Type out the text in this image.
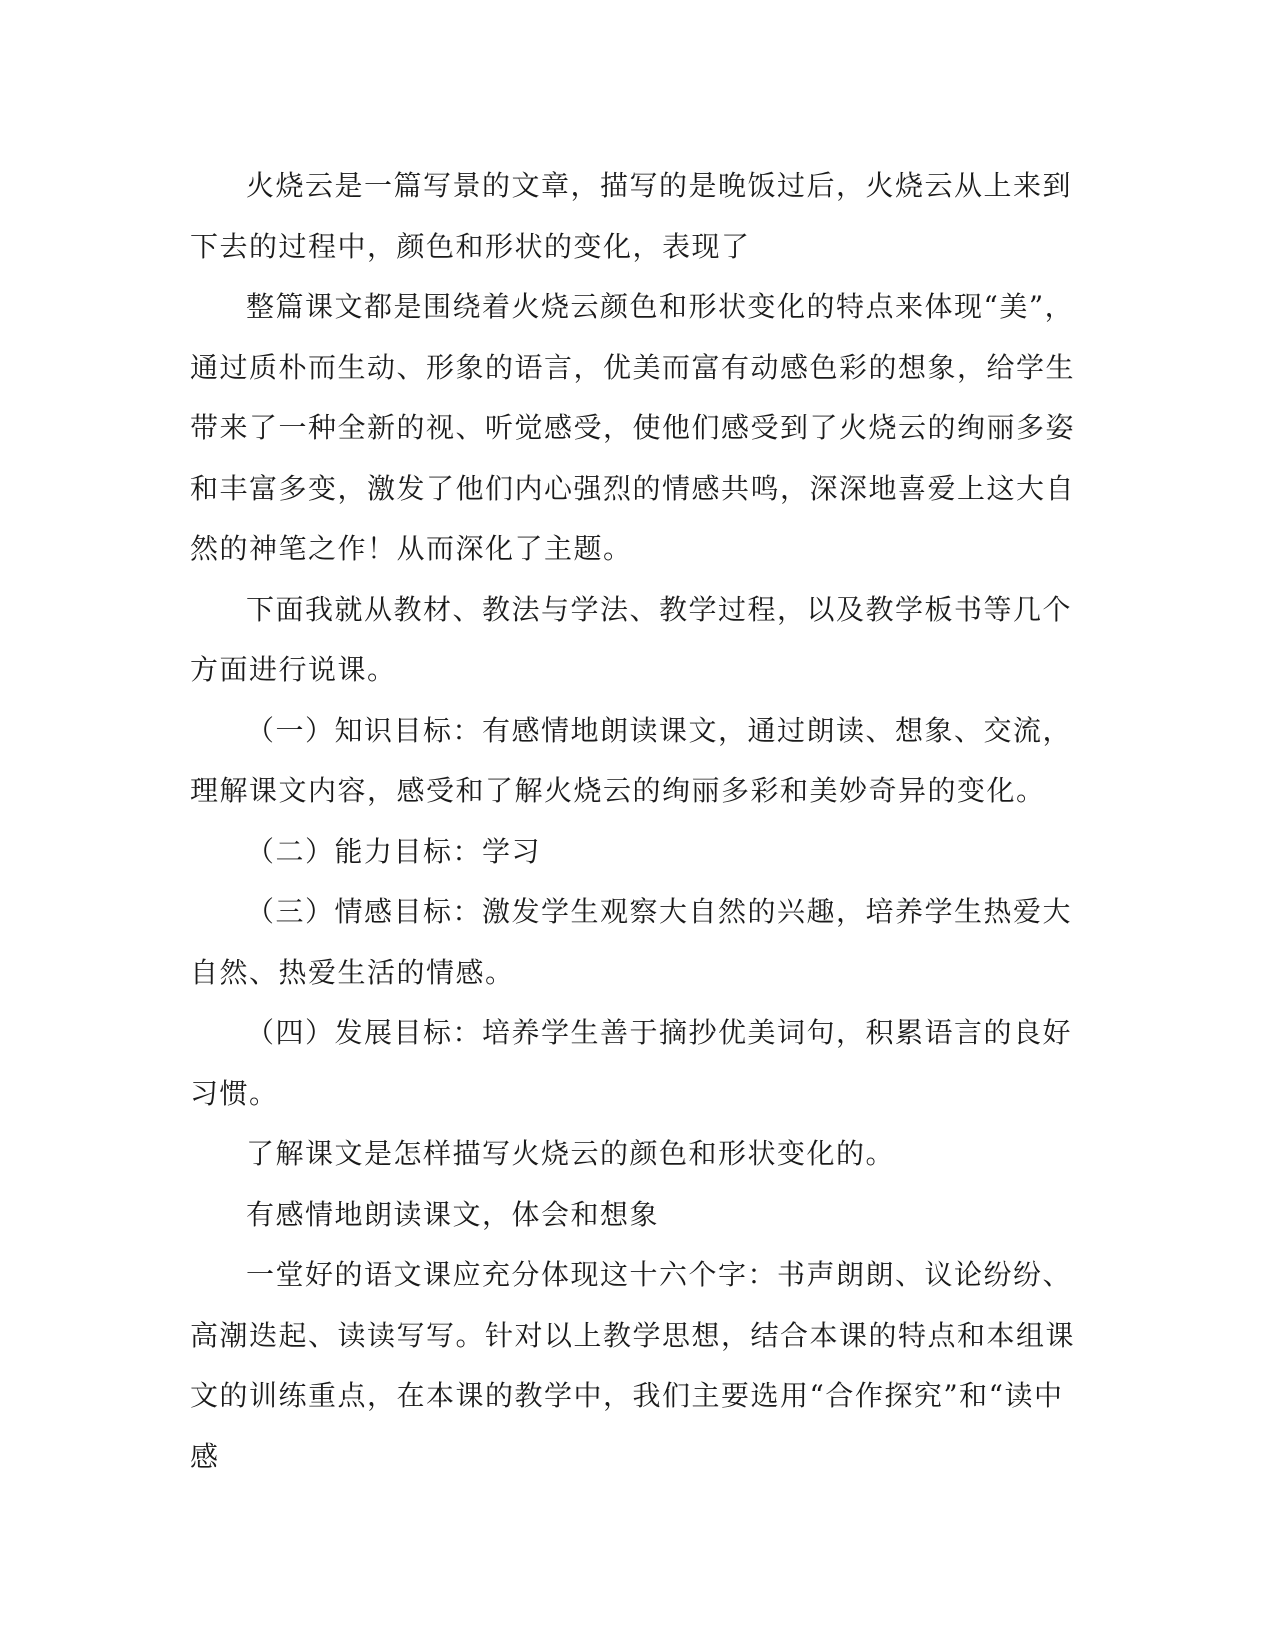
火烧云是一篇写景的文章，描写的是晚饭过后，火烧云从上来到下去的过程中，颜色和形状的变化，表现了

整篇课文都是围绕着火烧云颜色和形状变化的特点来体现“美”，通过质朴而生动、形象的语言，优美而富有动感色彩的想象，给学生带来了一种全新的视、听觉感受，使他们感受到了火烧云的绚丽多姿和丰富多变，激发了他们内心强烈的情感共鸣，深深地喜爱上这大自然的神笔之作！从而深化了主题。

下面我就从教材、教法与学法、教学过程，以及教学板书等几个方面进行说课。

（一）知识目标：有感情地朗读课文，通过朗读、想象、交流，理解课文内容，感受和了解火烧云的绚丽多彩和美妙奇异的变化。

（二）能力目标：学习

（三）情感目标：激发学生观察大自然的兴趣，培养学生热爱大自然、热爱生活的情感。

（四）发展目标：培养学生善于摘抄优美词句，积累语言的良好习惯。

了解课文是怎样描写火烧云的颜色和形状变化的。

有感情地朗读课文，体会和想象

一堂好的语文课应充分体现这十六个字：书声朗朗、议论纷纷、高潮迭起、读读写写。针对以上教学思想，结合本课的特点和本组课文的训练重点，在本课的教学中，我们主要选用“合作探究”和“读中感
